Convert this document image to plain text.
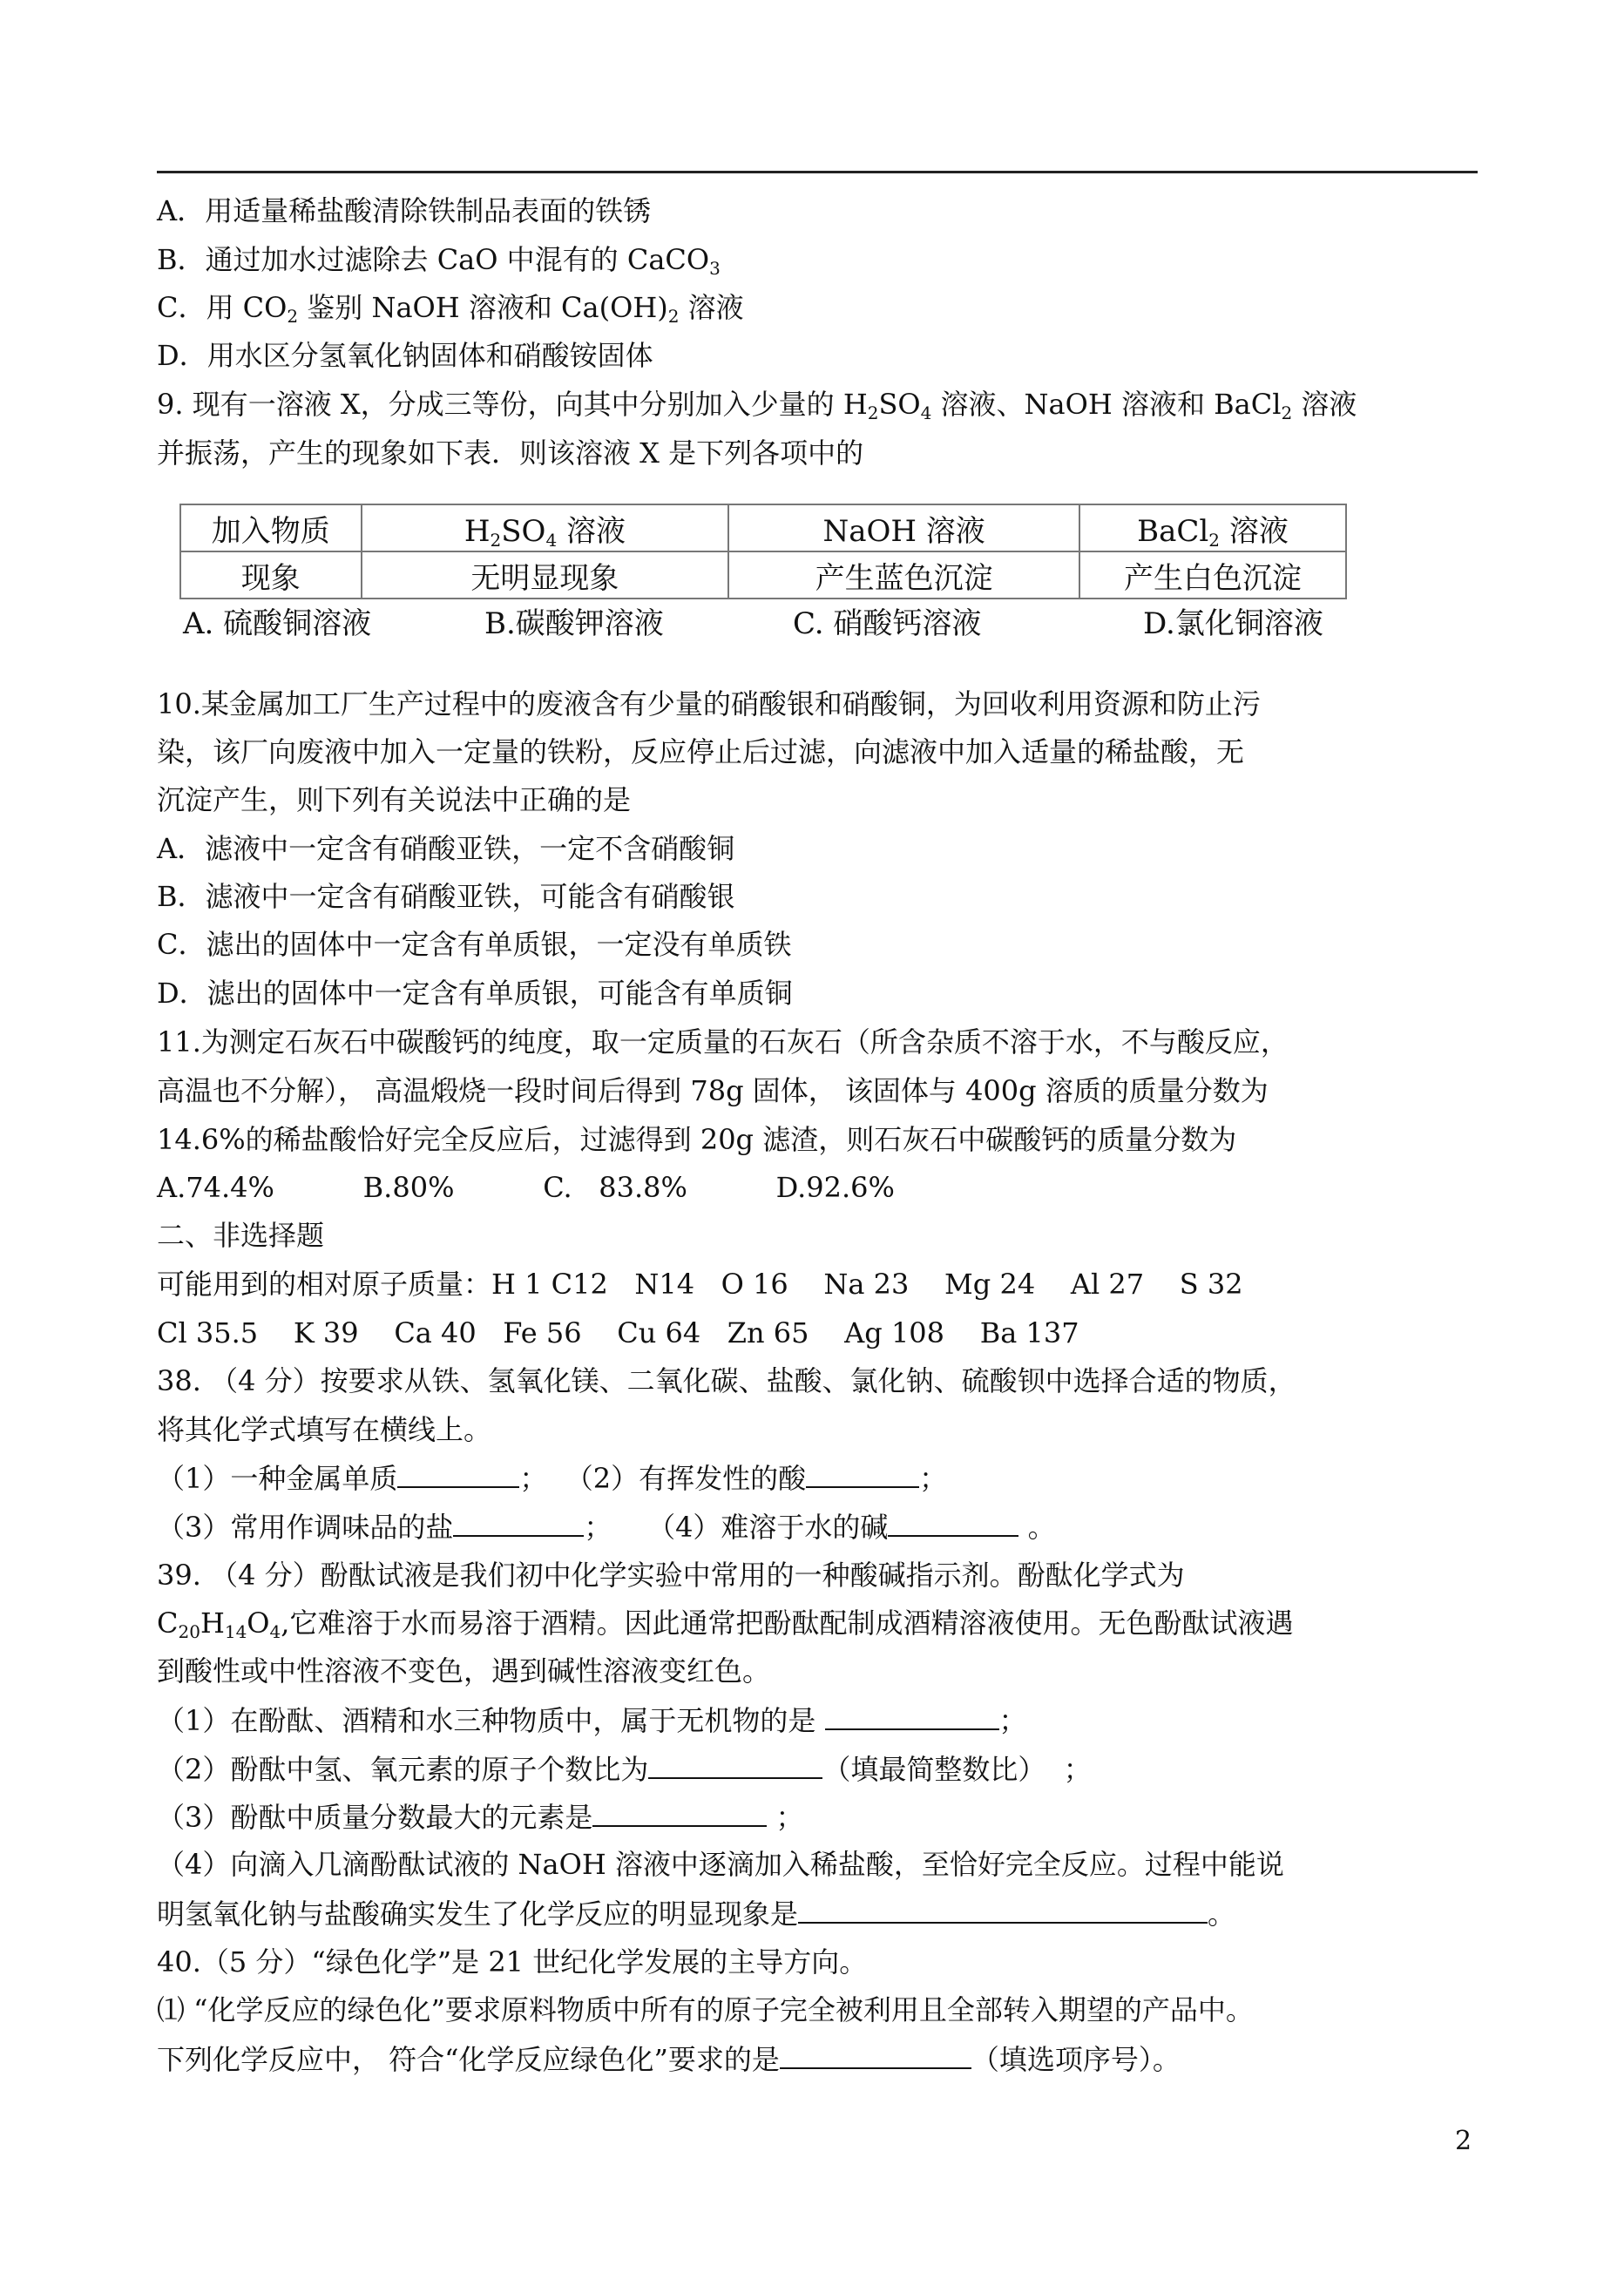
A．用适量稀盐酸清除铁制品表面的铁锈
B．通过加水过滤除去 CaO 中混有的 CaCO$_3$
C．用 $CO_2$ 鉴别 NaOH 溶液和 $Ca(OH)_2$ 溶液
D．用水区分氢氧化钠固体和硝酸铵固体
9. 现有一溶液 X，分成三等份，向其中分别加入少量的 $H_2SO_4$ 溶液、NaOH 溶液和 BaCl$_2$ 溶液
并振荡，产生的现象如下表．则该溶液 X 是下列各项中的
加入物质	$H_2SO_4$ 溶液	NaOH 溶液	BaCl$_2$ 溶液
现象	无明显现象	产生蓝色沉淀	产生白色沉淀
A. 硫酸铜溶液	B.碳酸钾溶液	C. 硝酸钙溶液	D.氯化铜溶液
10.某金属加工厂生产过程中的废液含有少量的硝酸银和硝酸铜，为回收利用资源和防止污
染，该厂向废液中加入一定量的铁粉，反应停止后过滤，向滤液中加入适量的稀盐酸，无
沉淀产生，则下列有关说法中正确的是
A．滤液中一定含有硝酸亚铁，一定不含硝酸铜
B．滤液中一定含有硝酸亚铁，可能含有硝酸银
C．滤出的固体中一定含有单质银，一定没有单质铁
D．滤出的固体中一定含有单质银，可能含有单质铜
11.为测定石灰石中碳酸钙的纯度，取一定质量的石灰石（所含杂质不溶于水，不与酸反应，
高温也不分解）， 高温煅烧一段时间后得到 78g 固体， 该固体与 400g 溶质的质量分数为
14.6%的稀盐酸恰好完全反应后，过滤得到 20g 滤渣，则石灰石中碳酸钙的质量分数为
A.74.4%          B.80%          C.   83.8%          D.92.6%
二、非选择题
可能用到的相对原子质量：H 1 C12   N14   O 16    Na 23    Mg 24    Al 27    S 32
Cl 35.5    K 39    Ca 40   Fe 56    Cu 64   Zn 65    Ag 108    Ba 137
38. （4 分）按要求从铁、氢氧化镁、二氧化碳、盐酸、氯化钠、硫酸钡中选择合适的物质，
将其化学式填写在横线上。
（1）一种金属单质	；  （2）有挥发性的酸	；
（3）常用作调味品的盐	；    （4）难溶于水的碱	。
39. （4 分）酚酞试液是我们初中化学实验中常用的一种酸碱指示剂。酚酞化学式为
$C_{20}H_{14}O_4$,它难溶于水而易溶于酒精。因此通常把酚酞配制成酒精溶液使用。无色酚酞试液遇
到酸性或中性溶液不变色，遇到碱性溶液变红色。
（1）在酚酞、酒精和水三种物质中，属于无机物的是	；
（2）酚酞中氢、氧元素的原子个数比为	（填最简整数比）  ；
（3）酚酞中质量分数最大的元素是	；
（4）向滴入几滴酚酞试液的 NaOH 溶液中逐滴加入稀盐酸，至恰好完全反应。过程中能说
明氢氧化钠与盐酸确实发生了化学反应的明显现象是	。
40.（5 分）“绿色化学”是 21 世纪化学发展的主导方向。
⑴ “化学反应的绿色化”要求原料物质中所有的原子完全被利用且全部转入期望的产品中。
下列化学反应中， 符合“化学反应绿色化”要求的是	（填选项序号）。
2
